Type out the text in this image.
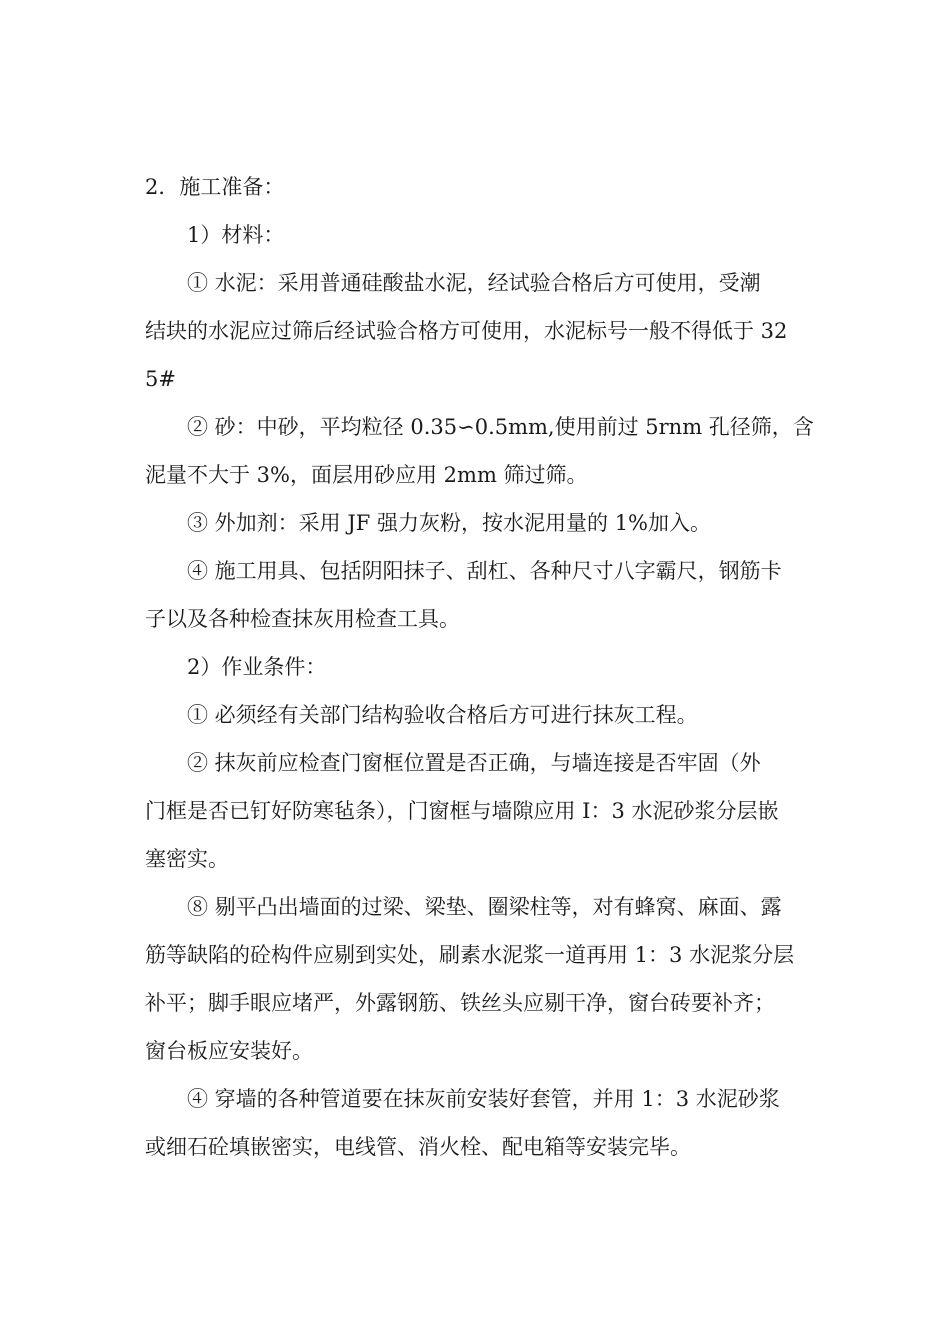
2．施工准备：

1）材料：

① 水泥：采用普通硅酸盐水泥，经试验合格后方可使用，受潮

结块的水泥应过筛后经试验合格方可使用，水泥标号一般不得低于 32

5#

② 砂：中砂，平均粒径 0.35∽0.5mm,使用前过 5rnm 孔径筛，含

泥量不大于 3%，面层用砂应用 2mm 筛过筛。

③ 外加剂：采用 JF 强力灰粉，按水泥用量的 1%加入。

④ 施工用具、包括阴阳抹子、刮杠、各种尺寸八字霸尺，钢筋卡

子以及各种检查抹灰用检查工具。

2）作业条件：

① 必须经有关部门结构验收合格后方可进行抹灰工程。

② 抹灰前应检查门窗框位置是否正确，与墙连接是否牢固（外

门框是否已钉好防寒毡条），门窗框与墙隙应用 I：3 水泥砂浆分层嵌

塞密实。

⑧ 剔平凸出墙面的过梁、梁垫、圈梁柱等，对有蜂窝、麻面、露

筋等缺陷的砼构件应剔到实处，刷素水泥浆一道再用 1：3 水泥浆分层

补平；脚手眼应堵严，外露钢筋、铁丝头应剔干净，窗台砖要补齐；

窗台板应安装好。

④ 穿墙的各种管道要在抹灰前安装好套管，并用 1：3 水泥砂浆

或细石砼填嵌密实，电线管、消火栓、配电箱等安装完毕。
